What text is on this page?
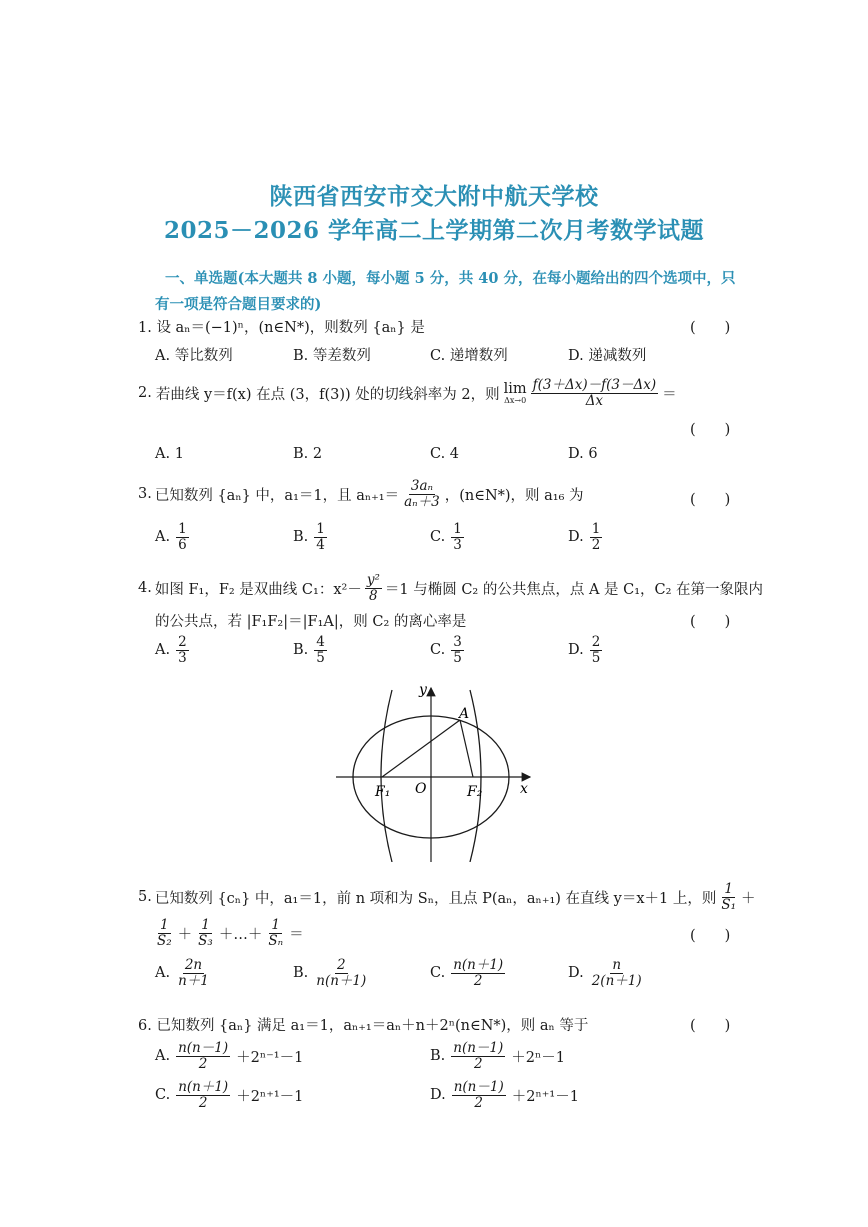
陕西省西安市交大附中航天学校
2025－2026 学年高二上学期第二次月考数学试题
一、单选题(本大题共 8 小题，每小题 5 分，共 40 分，在每小题给出的四个选项中，只有一项是符合题目要求的)
1. 设 aₙ＝(−1)ⁿ，(n∈N*)，则数列 {aₙ} 是	(　　)
A. 等比数列	B. 等差数列	C. 递增数列	D. 递减数列
2. 若曲线 y＝f(x) 在点 (3，f(3)) 处的切线斜率为 2，则 lim
$\Delta x\to 0 \frac{f(3+\Delta x)-f(3-\Delta x)}{\Delta x}$ ＝
(　　)
A. 1	B. 2	C. 4	D. 6
3. 已知数列 {aₙ} 中，a₁＝1，且 $a_{n+1}= \frac{\text{3aₙ}}{\text{aₙ＋3}}$ ，(n∈N*)，则 a₁₆ 为	(　　)
A. $\frac{1}{6}$	B. $\frac{1}{4}$	C. $\frac{1}{3}$	D. $\frac{1}{2}$
4. 如图 F₁，F₂ 是双曲线 C₁：$x^2- \frac{\text{y²}}{8} =1$ 与椭圆 C₂ 的公共焦点，点 A 是 C₁，C₂ 在第一象限内
的公共点，若 |F₁F₂|＝|F₁A|，则 C₂ 的离心率是	(　　)
A. $\frac{2}{3}$	B. $\frac{4}{5}$	C. $\frac{3}{5}$	D. $\frac{2}{5}$
y
x
A
O
F₁	F₂
5. 已知数列 {cₙ} 中，a₁＝1，前 n 项和为 Sₙ，且点 P(aₙ，aₙ₊₁) 在直线 y＝x＋1 上，则 $\frac{1}{\text{S₁}}$ ＋
$\frac{1}{\text{S₂}} + \frac{1}{\text{S₃}}$ ＋…＋ $\frac{1}{\text{Sₙ}}$ ＝	(　　)
A. $\frac{2n}{n+1}$	B. $\frac{2}{n(n+1)}$	C. $\frac{n(n+1)}{2}$	D. $\frac{n}{2(n+1)}$
6. 已知数列 {aₙ} 满足 a₁＝1，aₙ₊₁＝aₙ＋n＋2ⁿ(n∈N*)，则 aₙ 等于	(　　)
A. $\frac{n(n-1)}{2} +2^{n-1}-1$	B. $\frac{n(n-1)}{2} +2^n-1$
C. $\frac{n(n+1)}{2} +2^{n+1}-1$	D. $\frac{n(n-1)}{2} +2^{n+1}-1$
